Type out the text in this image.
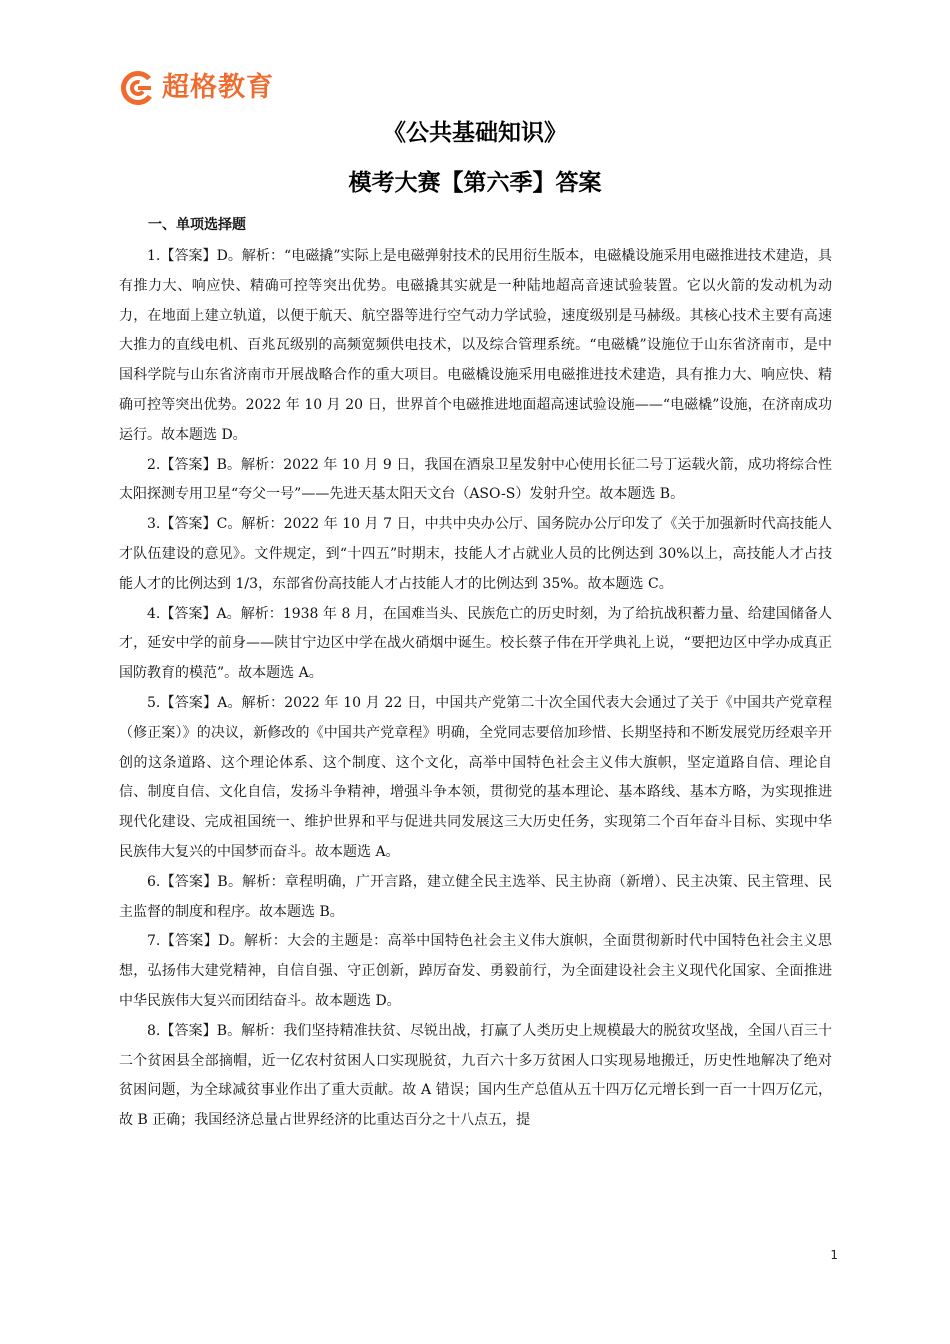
超格教育
《公共基础知识》
模考大赛【第六季】答案
一、单项选择题

1.【答案】D。解析：“电磁撬”实际上是电磁弹射技术的民用衍生版本，电磁橇设施采用电磁推进技术建造，具有推力大、响应快、精确可控等突出优势。电磁撬其实就是一种陆地超高音速试验装置。它以火箭的发动机为动力，在地面上建立轨道，以便于航天、航空器等进行空气动力学试验，速度级别是马赫级。其核心技术主要有高速大推力的直线电机、百兆瓦级别的高频宽频供电技术，以及综合管理系统。“电磁橇”设施位于山东省济南市，是中国科学院与山东省济南市开展战略合作的重大项目。电磁橇设施采用电磁推进技术建造，具有推力大、响应快、精确可控等突出优势。2022 年 10 月 20 日，世界首个电磁推进地面超高速试验设施——“电磁橇”设施，在济南成功运行。故本题选 D。

2.【答案】B。解析：2022 年 10 月 9 日，我国在酒泉卫星发射中心使用长征二号丁运载火箭，成功将综合性太阳探测专用卫星“夸父一号”——先进天基太阳天文台（ASO-S）发射升空。故本题选 B。

3.【答案】C。解析：2022 年 10 月 7 日，中共中央办公厅、国务院办公厅印发了《关于加强新时代高技能人才队伍建设的意见》。文件规定，到“十四五”时期末，技能人才占就业人员的比例达到 30%以上，高技能人才占技能人才的比例达到 1/3，东部省份高技能人才占技能人才的比例达到 35%。故本题选 C。

4.【答案】A。解析：1938 年 8 月，在国难当头、民族危亡的历史时刻，为了给抗战积蓄力量、给建国储备人才，延安中学的前身——陕甘宁边区中学在战火硝烟中诞生。校长蔡子伟在开学典礼上说，“要把边区中学办成真正国防教育的模范”。故本题选 A。

5.【答案】A。解析：2022 年 10 月 22 日，中国共产党第二十次全国代表大会通过了关于《中国共产党章程（修正案）》的决议，新修改的《中国共产党章程》明确，全党同志要倍加珍惜、长期坚持和不断发展党历经艰辛开创的这条道路、这个理论体系、这个制度、这个文化，高举中国特色社会主义伟大旗帜，坚定道路自信、理论自信、制度自信、文化自信，发扬斗争精神，增强斗争本领，贯彻党的基本理论、基本路线、基本方略，为实现推进现代化建设、完成祖国统一、维护世界和平与促进共同发展这三大历史任务，实现第二个百年奋斗目标、实现中华民族伟大复兴的中国梦而奋斗。故本题选 A。

6.【答案】B。解析：章程明确，广开言路，建立健全民主选举、民主协商（新增）、民主决策、民主管理、民主监督的制度和程序。故本题选 B。

7.【答案】D。解析：大会的主题是：高举中国特色社会主义伟大旗帜，全面贯彻新时代中国特色社会主义思想，弘扬伟大建党精神，自信自强、守正创新，踔厉奋发、勇毅前行，为全面建设社会主义现代化国家、全面推进中华民族伟大复兴而团结奋斗。故本题选 D。

8.【答案】B。解析：我们坚持精准扶贫、尽锐出战，打赢了人类历史上规模最大的脱贫攻坚战，全国八百三十二个贫困县全部摘帽，近一亿农村贫困人口实现脱贫，九百六十多万贫困人口实现易地搬迁，历史性地解决了绝对贫困问题，为全球减贫事业作出了重大贡献。故 A 错误；国内生产总值从五十四万亿元增长到一百一十四万亿元，故 B 正确；我国经济总量占世界经济的比重达百分之十八点五，提

1
